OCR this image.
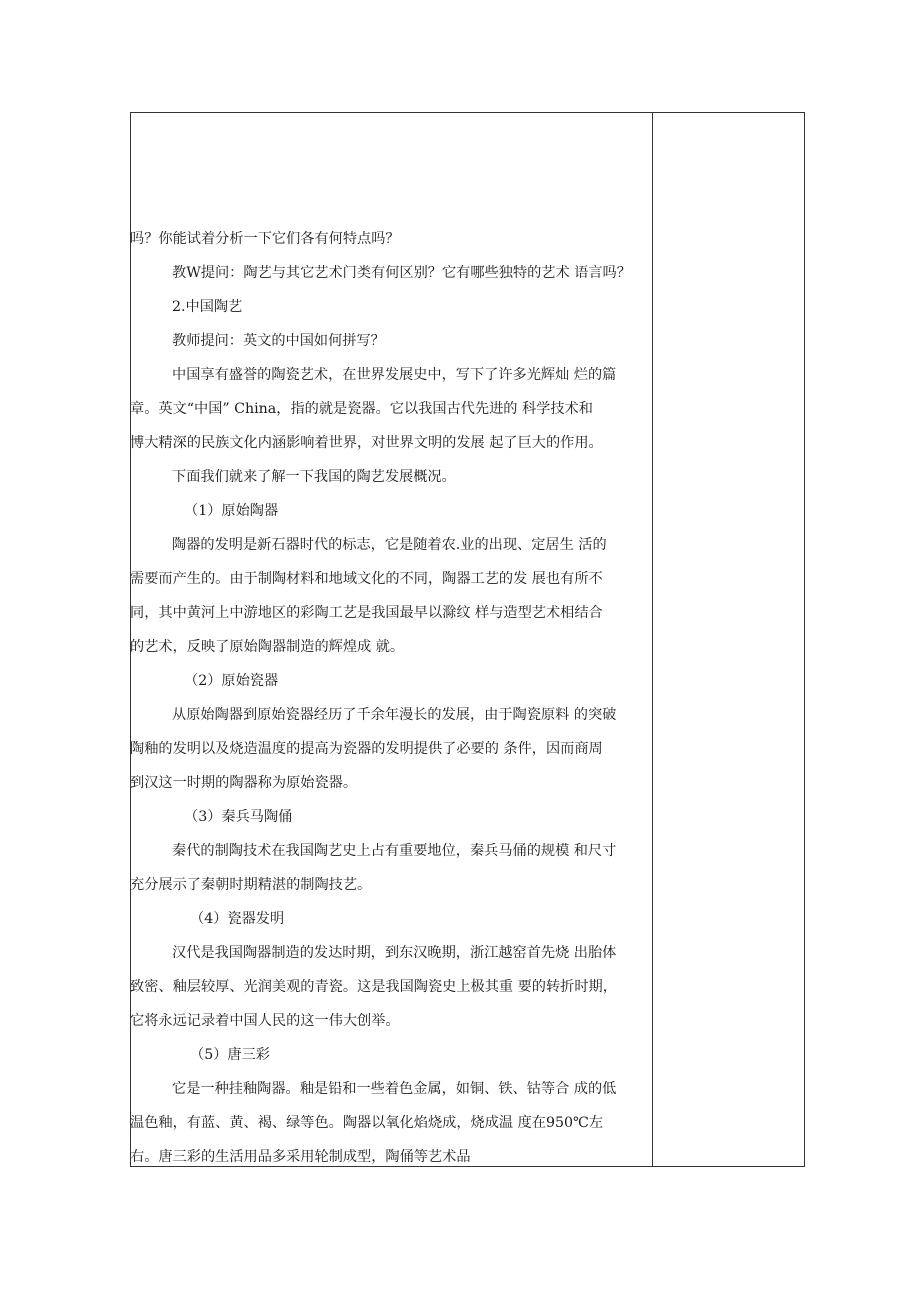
吗？你能试着分析一下它们各有何特点吗？

教W提问：陶艺与其它艺术门类有何区别？它有哪些独特的艺术 语言吗？

2.中国陶艺

教师提问：英文的中国如何拼写？

中国享有盛誉的陶瓷艺术，在世界发展史中，写下了许多光辉灿 烂的篇

章。英文“中国” China，指的就是瓷器。它以我国古代先进的 科学技术和

博大精深的民族文化内涵影响着世界，对世界文明的发展 起了巨大的作用。

下面我们就来了解一下我国的陶艺发展概况。

（1）原始陶器

陶器的发明是新石器时代的标志，它是随着农.业的出现、定居生 活的

需要而产生的。由于制陶材料和地域文化的不同，陶器工艺的发 展也有所不

同，其中黄河上中游地区的彩陶工艺是我国最早以滁纹 样与造型艺术相结合

的艺术，反映了原始陶器制造的辉煌成 就。

（2）原始瓷器

从原始陶器到原始瓷器经历了千余年漫长的发展，由于陶瓷原料 的突破

陶釉的发明以及烧造温度的提高为瓷器的发明提供了必要的 条件，因而商周

到汉这一时期的陶器称为原始瓷器。

（3）秦兵马陶俑

秦代的制陶技术在我国陶艺史上占有重要地位，秦兵马俑的规模 和尺寸

充分展示了秦朝时期精湛的制陶技艺。

（4）瓷器发明

汉代是我国陶器制造的发达时期，到东汉晚期，浙江越窑首先烧 出胎体

致密、釉层较厚、光润美观的青瓷。这是我国陶瓷史上极其重 要的转折时期，

它将永远记录着中国人民的这一伟大创举。

（5）唐三彩

它是一种挂釉陶器。釉是铅和一些着色金属，如铜、铁、钴等合 成的低

温色釉，有蓝、黄、褐、绿等色。陶器以氧化焰烧成，烧成温 度在950℃左

右。唐三彩的生活用品多采用轮制成型，陶俑等艺术品
